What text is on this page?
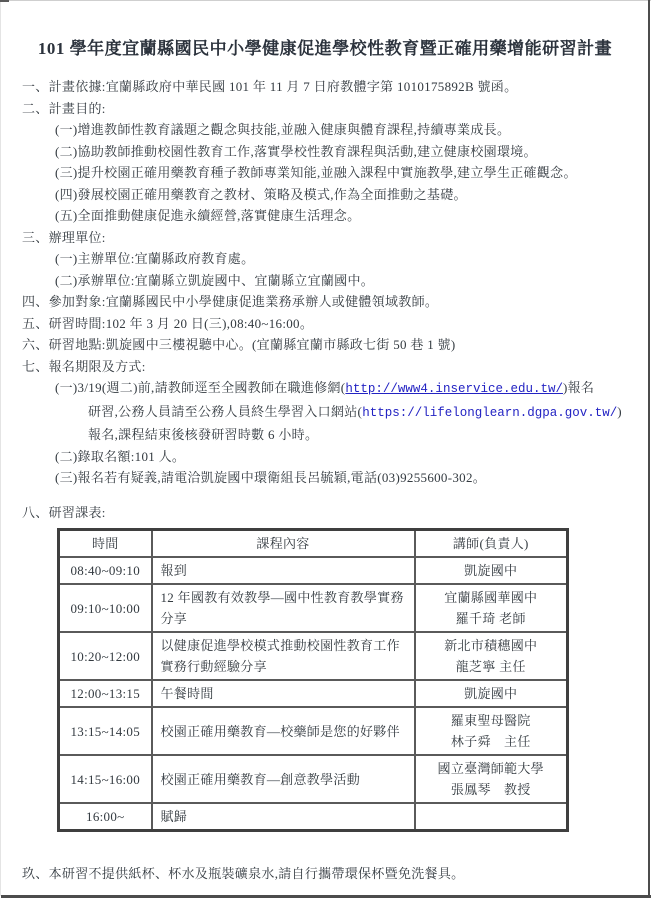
101 學年度宜蘭縣國民中小學健康促進學校性教育暨正確用藥增能研習計畫
一、計畫依據:宜蘭縣政府中華民國 101 年 11 月 7 日府教體字第 1010175892B 號函。
二、計畫目的:
(一)增進教師性教育議題之觀念與技能,並融入健康與體育課程,持續專業成長。
(二)協助教師推動校園性教育工作,落實學校性教育課程與活動,建立健康校園環境。
(三)提升校園正確用藥教育種子教師專業知能,並融入課程中實施教學,建立學生正確觀念。
(四)發展校園正確用藥教育之教材、策略及模式,作為全面推動之基礎。
(五)全面推動健康促進永續經營,落實健康生活理念。
三、辦理單位:
(一)主辦單位:宜蘭縣政府教育處。
(二)承辦單位:宜蘭縣立凱旋國中、宜蘭縣立宜蘭國中。
四、參加對象:宜蘭縣國民中小學健康促進業務承辦人或健體領域教師。
五、研習時間:102 年 3 月 20 日(三),08:40~16:00。
六、研習地點:凱旋國中三樓視聽中心。(宜蘭縣宜蘭市縣政七街 50 巷 1 號)
七、報名期限及方式:
(一)3/19(週二)前,請教師逕至全國教師在職進修網(http://www4.inservice.edu.tw/)報名
研習,公務人員請至公務人員終生學習入口網站(https://lifelonglearn.dgpa.gov.tw/)
報名,課程結束後核發研習時數 6 小時。
(二)錄取名額:101 人。
(三)報名若有疑義,請電洽凱旋國中環衛組長呂毓穎,電話(03)9255600-302。
八、研習課表:
時間	課程內容	講師(負責人)
08:40~09:10	報到	凱旋國中

09:10~10:00	12 年國教有效教學—國中性教育教學實務分享	宜蘭縣國華國中
羅千琦 老師

10:20~12:00	以健康促進學校模式推動校園性教育工作實務行動經驗分享	新北市積穗國中
龍芝寧 主任

12:00~13:15	午餐時間	凱旋國中

13:15~14:05	校園正確用藥教育—校藥師是您的好夥伴	羅東聖母醫院
林子舜　主任

14:15~16:00	校園正確用藥教育—創意教學活動	國立臺灣師範大學
張鳳琴　教授

16:00~	賦歸	
玖、本研習不提供紙杯、杯水及瓶裝礦泉水,請自行攜帶環保杯暨免洗餐具。
